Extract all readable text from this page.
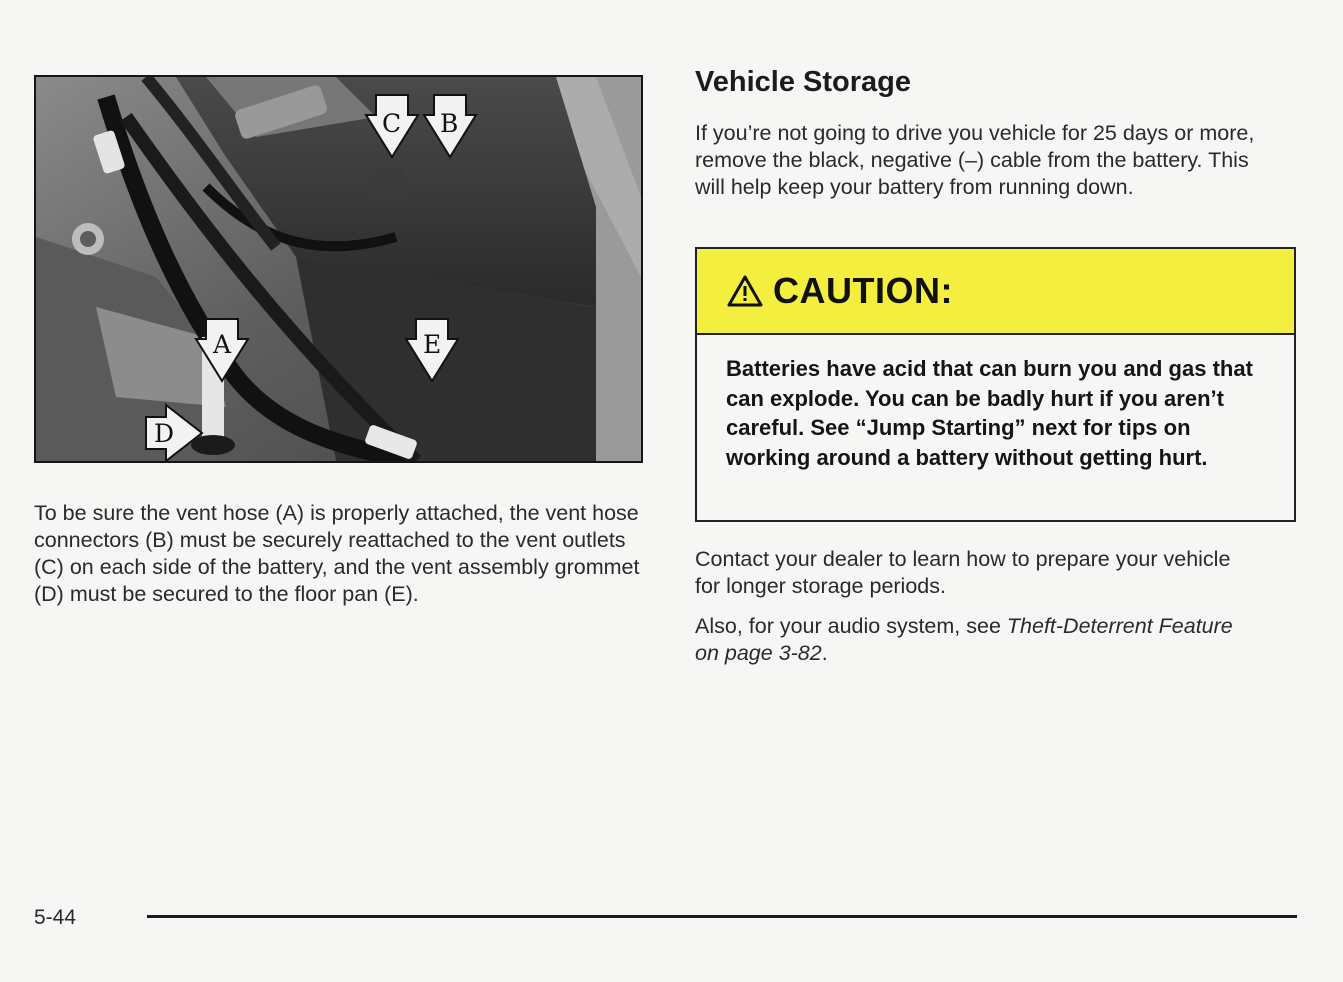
C B
A	E
D

To be sure the vent hose (A) is properly attached, the vent hose connectors (B) must be securely reattached to the vent outlets (C) on each side of the battery, and the vent assembly grommet (D) must be secured to the floor pan (E).

Vehicle Storage

If you’re not going to drive you vehicle for 25 days or more, remove the black, negative (–) cable from the battery. This will help keep your battery from running down.

CAUTION:

Batteries have acid that can burn you and gas that can explode. You can be badly hurt if you aren’t careful. See “Jump Starting” next for tips on working around a battery without getting hurt.

Contact your dealer to learn how to prepare your vehicle for longer storage periods.

Also, for your audio system, see Theft-Deterrent Feature on page 3-82.

5-44
